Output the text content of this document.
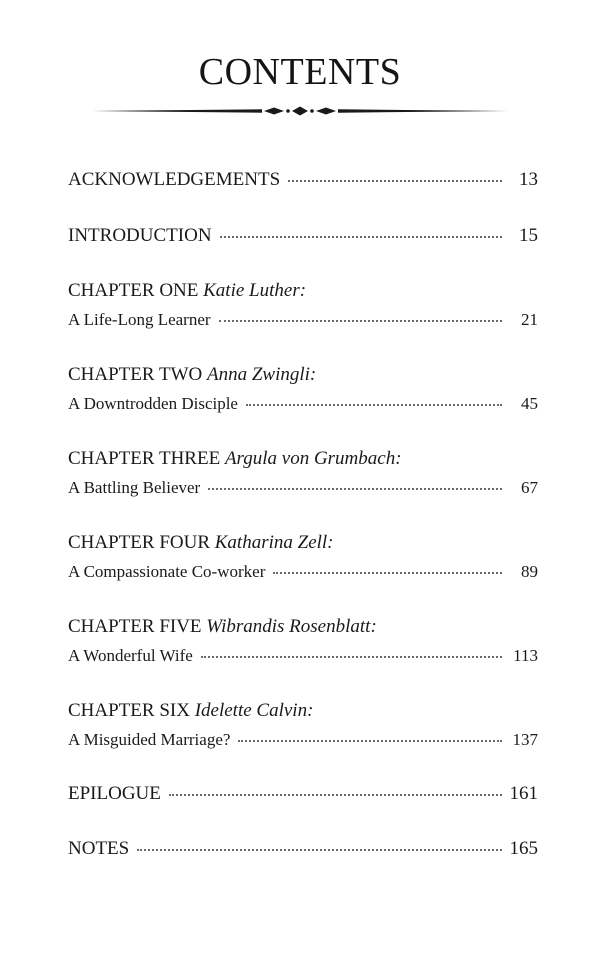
CONTENTS
ACKNOWLEDGEMENTS	13
INTRODUCTION	15
CHAPTER ONE Katie Luther:
A Life-Long Learner	21
CHAPTER TWO Anna Zwingli:
A Downtrodden Disciple	45
CHAPTER THREE Argula von Grumbach:
A Battling Believer	67
CHAPTER FOUR Katharina Zell:
A Compassionate Co-worker	89
CHAPTER FIVE Wibrandis Rosenblatt:
A Wonderful Wife	113
CHAPTER SIX Idelette Calvin:
A Misguided Marriage?	137
EPILOGUE	161
NOTES	165
